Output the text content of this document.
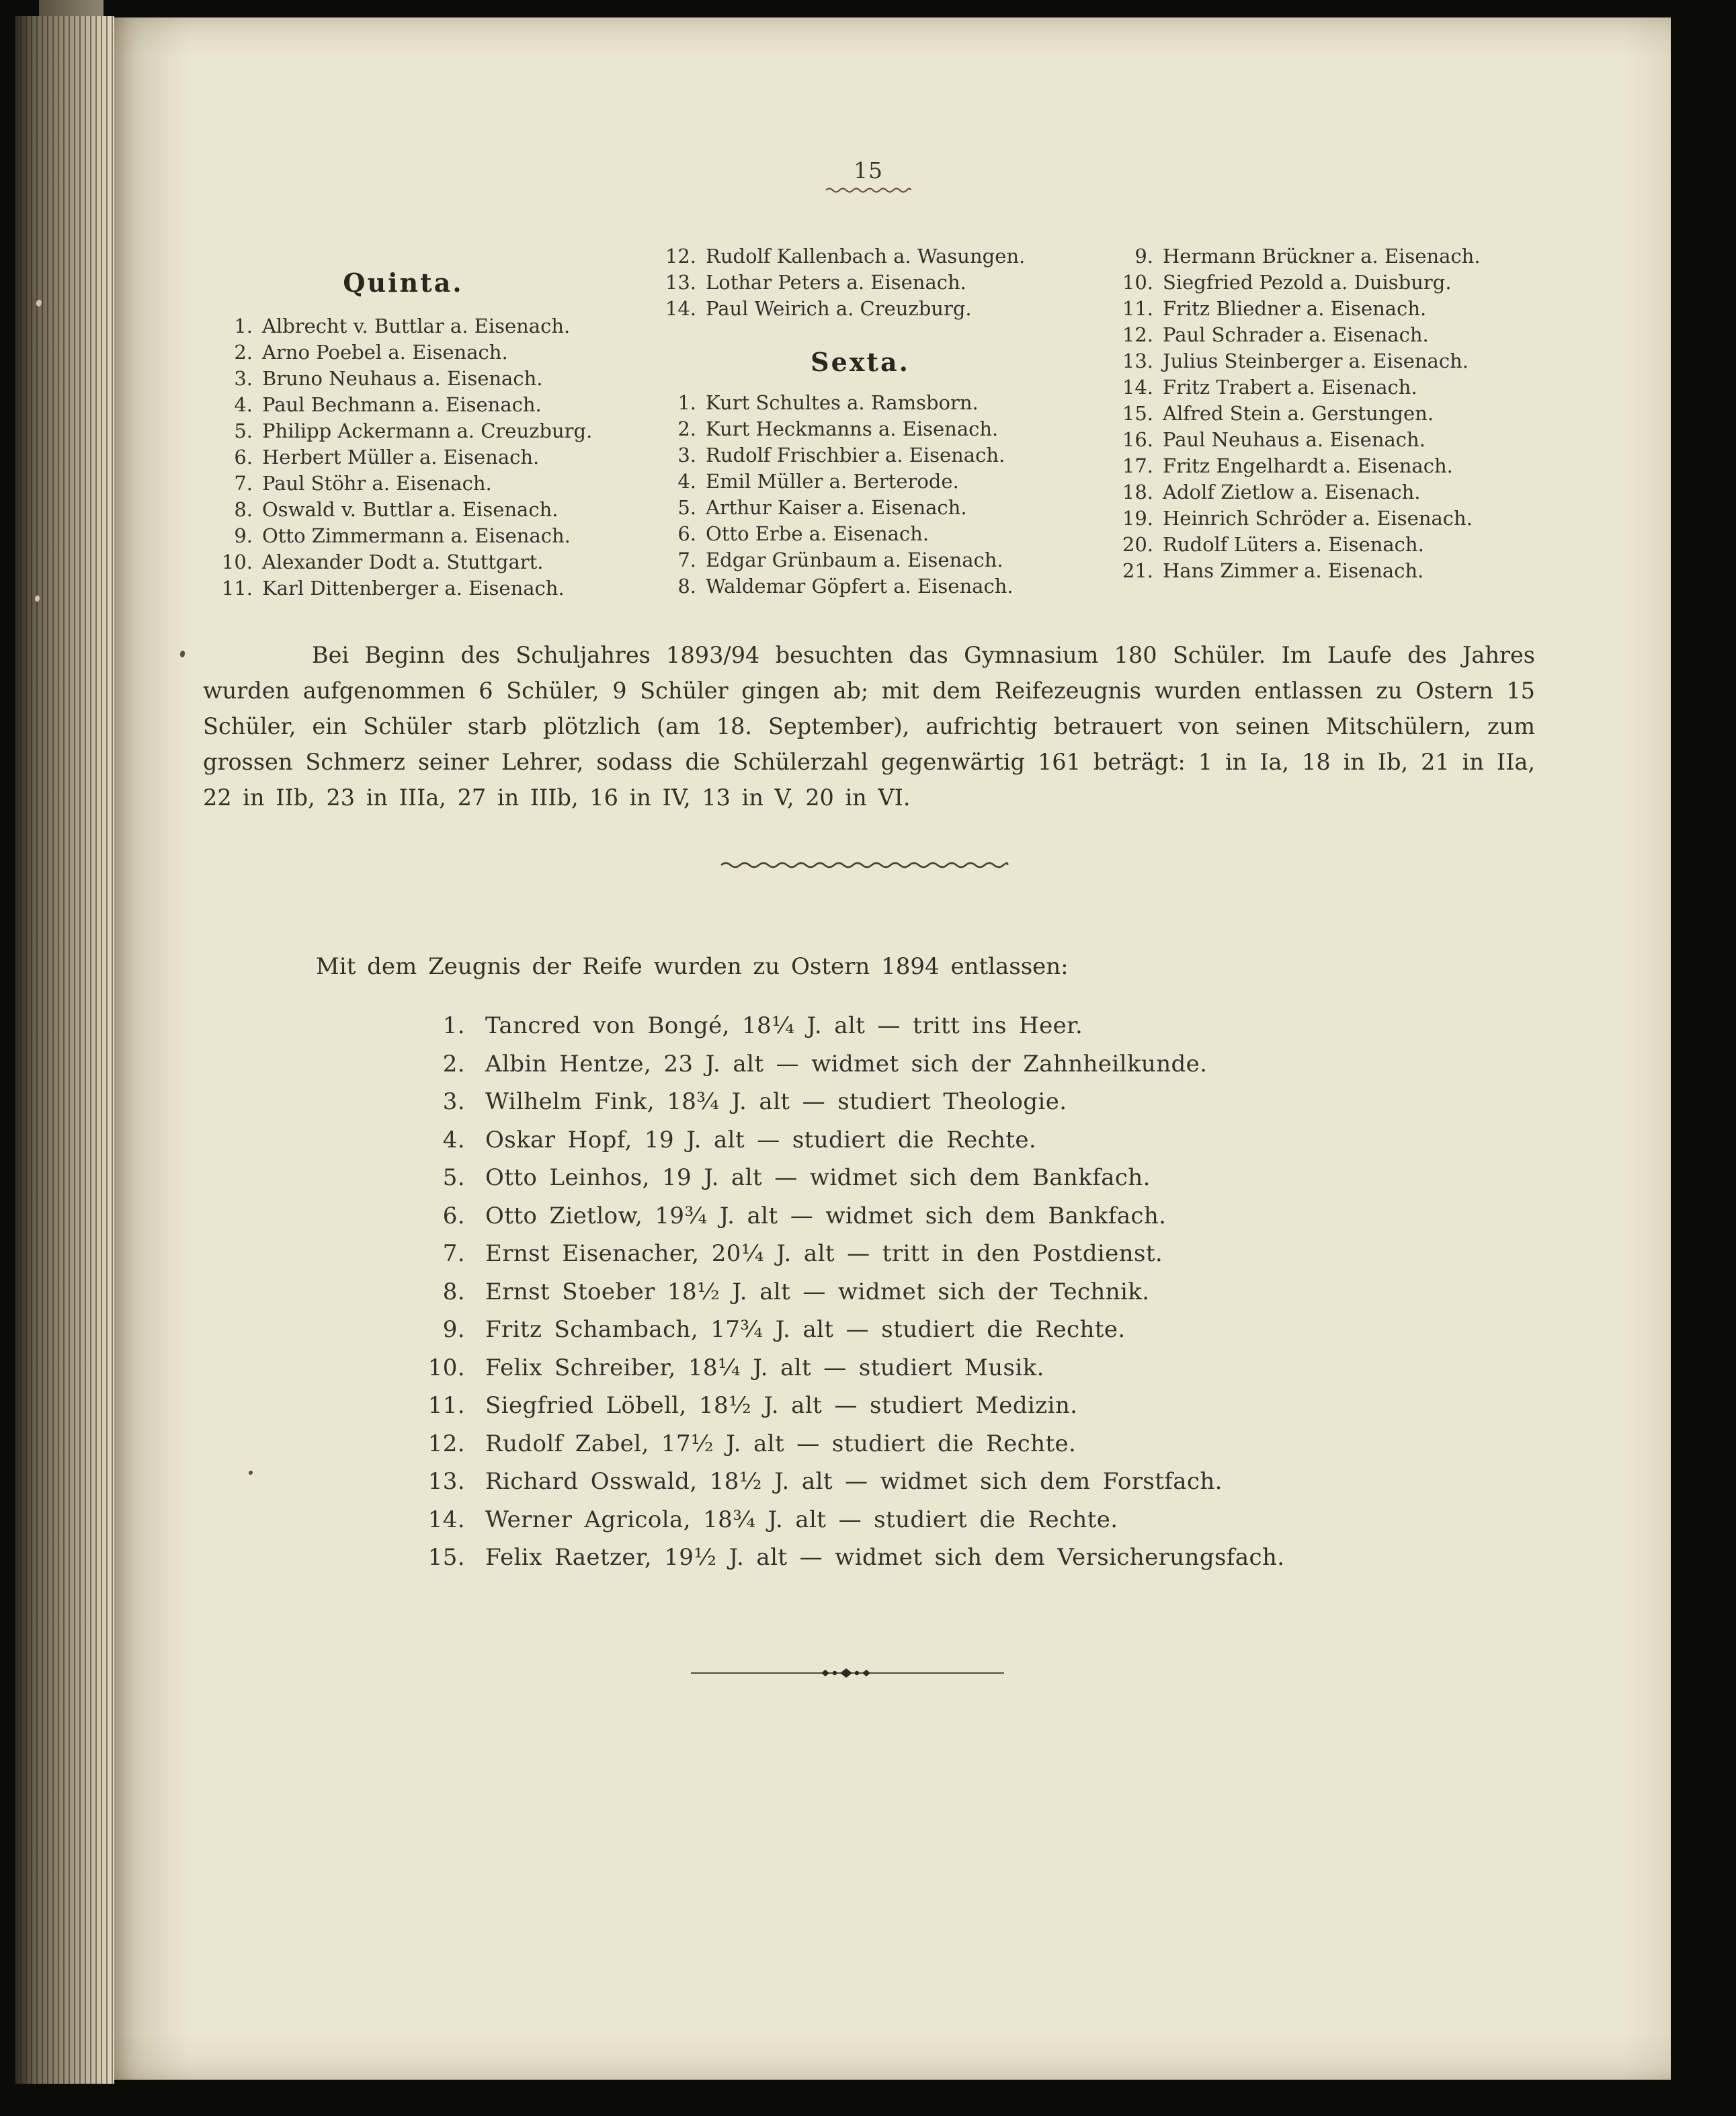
15
Quinta.
1. Albrecht v. Buttlar a. Eisenach.
2. Arno Poebel a. Eisenach.
3. Bruno Neuhaus a. Eisenach.
4. Paul Bechmann a. Eisenach.
5. Philipp Ackermann a. Creuzburg.
6. Herbert Müller a. Eisenach.
7. Paul Stöhr a. Eisenach.
8. Oswald v. Buttlar a. Eisenach.
9. Otto Zimmermann a. Eisenach.
10. Alexander Dodt a. Stuttgart.
11. Karl Dittenberger a. Eisenach.
12. Rudolf Kallenbach a. Wasungen.
13. Lothar Peters a. Eisenach.
14. Paul Weirich a. Creuzburg.
Sexta.
1. Kurt Schultes a. Ramsborn.
2. Kurt Heckmanns a. Eisenach.
3. Rudolf Frischbier a. Eisenach.
4. Emil Müller a. Berterode.
5. Arthur Kaiser a. Eisenach.
6. Otto Erbe a. Eisenach.
7. Edgar Grünbaum a. Eisenach.
8. Waldemar Göpfert a. Eisenach.
9. Hermann Brückner a. Eisenach.
10. Siegfried Pezold a. Duisburg.
11. Fritz Bliedner a. Eisenach.
12. Paul Schrader a. Eisenach.
13. Julius Steinberger a. Eisenach.
14. Fritz Trabert a. Eisenach.
15. Alfred Stein a. Gerstungen.
16. Paul Neuhaus a. Eisenach.
17. Fritz Engelhardt a. Eisenach.
18. Adolf Zietlow a. Eisenach.
19. Heinrich Schröder a. Eisenach.
20. Rudolf Lüters a. Eisenach.
21. Hans Zimmer a. Eisenach.

Bei Beginn des Schuljahres 1893/94 besuchten das Gymnasium 180 Schüler. Im Laufe des Jahres wurden aufgenommen 6 Schüler, 9 Schüler gingen ab; mit dem Reifezeugnis wurden entlassen zu Ostern 15 Schüler, ein Schüler starb plötzlich (am 18. September), aufrichtig betrauert von seinen Mitschülern, zum grossen Schmerz seiner Lehrer, sodass die Schülerzahl gegenwärtig 161 beträgt: 1 in Ia, 18 in Ib, 21 in IIa, 22 in IIb, 23 in IIIa, 27 in IIIb, 16 in IV, 13 in V, 20 in VI.

Mit dem Zeugnis der Reife wurden zu Ostern 1894 entlassen:

1. Tancred von Bongé, 18¹⁄₄ J. alt — tritt ins Heer.
2. Albin Hentze, 23 J. alt — widmet sich der Zahnheilkunde.
3. Wilhelm Fink, 18³⁄₄ J. alt — studiert Theologie.
4. Oskar Hopf, 19 J. alt — studiert die Rechte.
5. Otto Leinhos, 19 J. alt — widmet sich dem Bankfach.
6. Otto Zietlow, 19³⁄₄ J. alt — widmet sich dem Bankfach.
7. Ernst Eisenacher, 20¹⁄₄ J. alt — tritt in den Postdienst.
8. Ernst Stoeber 18¹⁄₂ J. alt — widmet sich der Technik.
9. Fritz Schambach, 17³⁄₄ J. alt — studiert die Rechte.
10. Felix Schreiber, 18¹⁄₄ J. alt — studiert Musik.
11. Siegfried Löbell, 18¹⁄₂ J. alt — studiert Medizin.
12. Rudolf Zabel, 17¹⁄₂ J. alt — studiert die Rechte.
13. Richard Osswald, 18¹⁄₂ J. alt — widmet sich dem Forstfach.
14. Werner Agricola, 18³⁄₄ J. alt — studiert die Rechte.
15. Felix Raetzer, 19¹⁄₂ J. alt — widmet sich dem Versicherungsfach.
